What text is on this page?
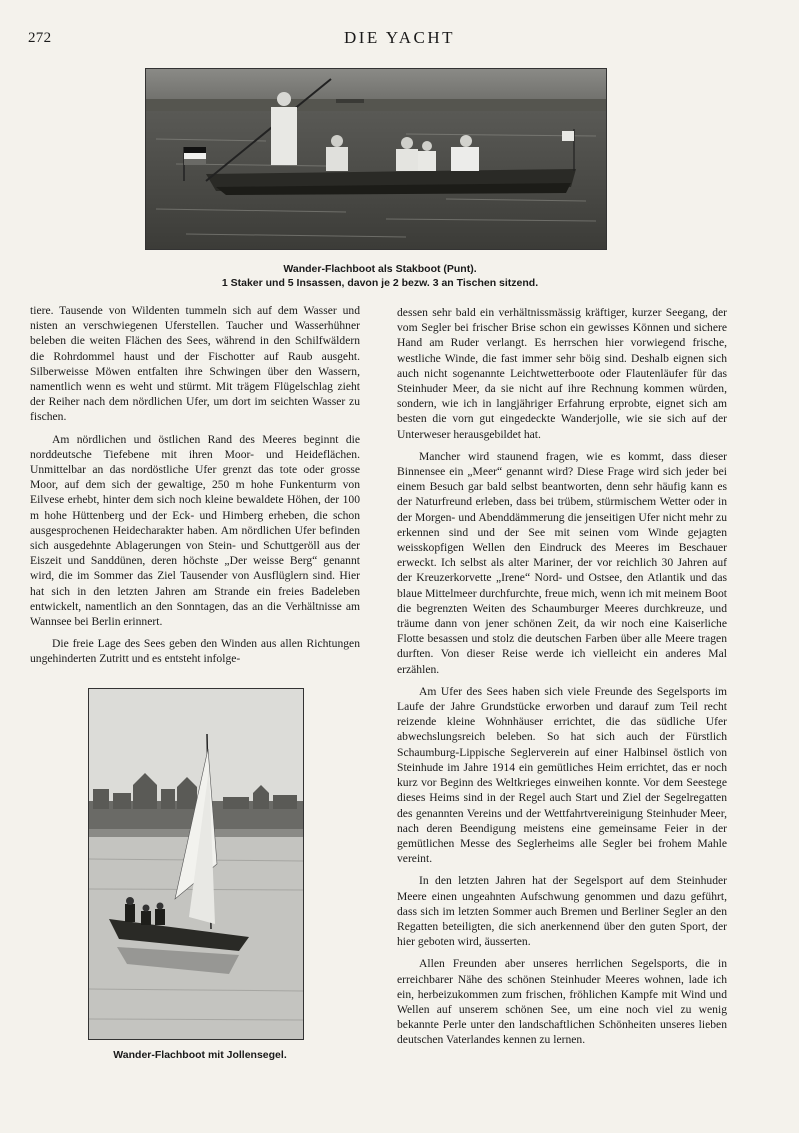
272	DIE YACHT
Wander-Flachboot als Stakboot (Punt).
1 Staker und 5 Insassen, davon je 2 bezw. 3 an Tischen sitzend.

tiere. Tausende von Wildenten tummeln sich auf dem Wasser und nisten an verschwiegenen Uferstellen. Taucher und Wasserhühner beleben die weiten Flächen des Sees, während in den Schilfwäldern die Rohrdommel haust und der Fischotter auf Raub ausgeht. Silberweisse Möwen entfalten ihre Schwingen über den Wassern, namentlich wenn es weht und stürmt. Mit trägem Flügelschlag zieht der Reiher nach dem nördlichen Ufer, um dort im seichten Wasser zu fischen.

Am nördlichen und östlichen Rand des Meeres beginnt die norddeutsche Tiefebene mit ihren Moor- und Heideflächen. Unmittelbar an das nordöstliche Ufer grenzt das tote oder grosse Moor, auf dem sich der gewaltige, 250 m hohe Funkenturm von Eilvese erhebt, hinter dem sich noch kleine bewaldete Höhen, der 100 m hohe Hüttenberg und der Eck- und Himberg erheben, die schon ausgesprochenen Heidecharakter haben. Am nördlichen Ufer befinden sich ausgedehnte Ablagerungen von Stein- und Schuttgeröll aus der Eiszeit und Sanddünen, deren höchste „Der weisse Berg“ genannt wird, die im Sommer das Ziel Tausender von Ausflüglern sind. Hier hat sich in den letzten Jahren am Strande ein freies Badeleben entwickelt, namentlich an den Sonntagen, das an die Verhältnisse am Wannsee bei Berlin erinnert.

Die freie Lage des Sees geben den Winden aus allen Richtungen ungehinderten Zutritt und es entsteht infolge-

Wander-Flachboot mit Jollensegel.

dessen sehr bald ein verhältnissmässig kräftiger, kurzer Seegang, der vom Segler bei frischer Brise schon ein gewisses Können und sichere Hand am Ruder verlangt. Es herrschen hier vorwiegend frische, westliche Winde, die fast immer sehr böig sind. Deshalb eignen sich auch nicht sogenannte Leichtwetterboote oder Flautenläufer für das Steinhuder Meer, da sie nicht auf ihre Rechnung kommen würden, sondern, wie ich in langjähriger Erfahrung erprobte, eignet sich am besten die vorn gut eingedeckte Wanderjolle, wie sie sich auf der Unterweser herausgebildet hat.

Mancher wird staunend fragen, wie es kommt, dass dieser Binnensee ein „Meer“ genannt wird? Diese Frage wird sich jeder bei einem Besuch gar bald selbst beantworten, denn sehr häufig kann es der Naturfreund erleben, dass bei trübem, stürmischem Wetter oder in der Morgen- und Abenddämmerung die jenseitigen Ufer nicht mehr zu erkennen sind und der See mit seinen vom Winde gejagten weisskopfigen Wellen den Eindruck des Meeres im Beschauer erweckt. Ich selbst als alter Mariner, der vor reichlich 30 Jahren auf der Kreuzerkorvette „Irene“ Nord- und Ostsee, den Atlantik und das blaue Mittelmeer durchfurchte, freue mich, wenn ich mit meinem Boot die begrenzten Weiten des Schaumburger Meeres durchkreuze, und träume dann von jener schönen Zeit, da wir noch eine Kaiserliche Flotte besassen und stolz die deutschen Farben über alle Meere tragen durften. Von dieser Reise werde ich vielleicht ein anderes Mal erzählen.

Am Ufer des Sees haben sich viele Freunde des Segelsports im Laufe der Jahre Grundstücke erworben und darauf zum Teil recht reizende kleine Wohnhäuser errichtet, die das südliche Ufer abwechslungsreich beleben. So hat sich auch der Fürstlich Schaumburg-Lippische Seglerverein auf einer Halbinsel östlich von Steinhude im Jahre 1914 ein gemütliches Heim errichtet, das er noch kurz vor Beginn des Weltkrieges einweihen konnte. Vor dem Seestege dieses Heims sind in der Regel auch Start und Ziel der Segelregatten des genannten Vereins und der Wettfahrtvereinigung Steinhuder Meer, nach deren Beendigung meistens eine gemeinsame Feier in der gemütlichen Messe des Seglerheims alle Segler bei frohem Mahle vereint.

In den letzten Jahren hat der Segelsport auf dem Steinhuder Meere einen ungeahnten Aufschwung genommen und dazu geführt, dass sich im letzten Sommer auch Bremen und Berliner Segler an den Regatten beteiligten, die sich anerkennend über den guten Sport, der hier geboten wird, äusserten.

Allen Freunden aber unseres herrlichen Segelsports, die in erreichbarer Nähe des schönen Steinhuder Meeres wohnen, lade ich ein, herbeizukommen zum frischen, fröhlichen Kampfe mit Wind und Wellen auf unserem schönen See, um eine noch viel zu wenig bekannte Perle unter den landschaftlichen Schönheiten unseres lieben deutschen Vaterlandes kennen zu lernen.
